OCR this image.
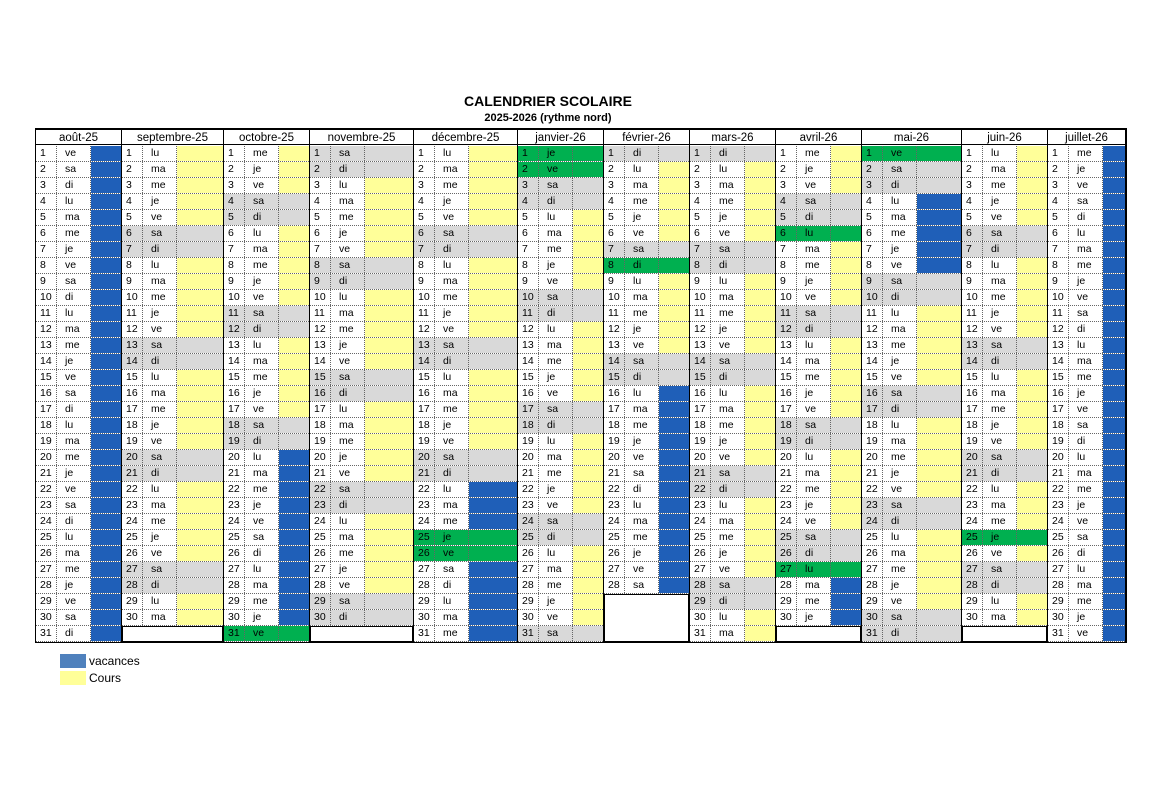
CALENDRIER SCOLAIRE
2025-2026 (rythme nord)
août-25
1	ve
2	sa
3	di
4	lu
5	ma
6	me
7	je
8	ve
9	sa
10	di
11	lu
12	ma
13	me
14	je
15	ve
16	sa
17	di
18	lu
19	ma
20	me
21	je
22	ve
23	sa
24	di
25	lu
26	ma
27	me
28	je
29	ve
30	sa
31	di
septembre-25
1	lu
2	ma
3	me
4	je
5	ve
6	sa
7	di
8	lu
9	ma
10	me
11	je
12	ve
13	sa
14	di
15	lu
16	ma
17	me
18	je
19	ve
20	sa
21	di
22	lu
23	ma
24	me
25	je
26	ve
27	sa
28	di
29	lu
30	ma
octobre-25
1	me
2	je
3	ve
4	sa
5	di
6	lu
7	ma
8	me
9	je
10	ve
11	sa
12	di
13	lu
14	ma
15	me
16	je
17	ve
18	sa
19	di
20	lu
21	ma
22	me
23	je
24	ve
25	sa
26	di
27	lu
28	ma
29	me
30	je
31	ve
novembre-25
1	sa
2	di
3	lu
4	ma
5	me
6	je
7	ve
8	sa
9	di
10	lu
11	ma
12	me
13	je
14	ve
15	sa
16	di
17	lu
18	ma
19	me
20	je
21	ve
22	sa
23	di
24	lu
25	ma
26	me
27	je
28	ve
29	sa
30	di
décembre-25
1	lu
2	ma
3	me
4	je
5	ve
6	sa
7	di
8	lu
9	ma
10	me
11	je
12	ve
13	sa
14	di
15	lu
16	ma
17	me
18	je
19	ve
20	sa
21	di
22	lu
23	ma
24	me
25	je
26	ve
27	sa
28	di
29	lu
30	ma
31	me
janvier-26
1	je
2	ve
3	sa
4	di
5	lu
6	ma
7	me
8	je
9	ve
10	sa
11	di
12	lu
13	ma
14	me
15	je
16	ve
17	sa
18	di
19	lu
20	ma
21	me
22	je
23	ve
24	sa
25	di
26	lu
27	ma
28	me
29	je
30	ve
31	sa
février-26
1	di
2	lu
3	ma
4	me
5	je
6	ve
7	sa
8	di
9	lu
10	ma
11	me
12	je
13	ve
14	sa
15	di
16	lu
17	ma
18	me
19	je
20	ve
21	sa
22	di
23	lu
24	ma
25	me
26	je
27	ve
28	sa
mars-26
1	di
2	lu
3	ma
4	me
5	je
6	ve
7	sa
8	di
9	lu
10	ma
11	me
12	je
13	ve
14	sa
15	di
16	lu
17	ma
18	me
19	je
20	ve
21	sa
22	di
23	lu
24	ma
25	me
26	je
27	ve
28	sa
29	di
30	lu
31	ma
avril-26
1	me
2	je
3	ve
4	sa
5	di
6	lu
7	ma
8	me
9	je
10	ve
11	sa
12	di
13	lu
14	ma
15	me
16	je
17	ve
18	sa
19	di
20	lu
21	ma
22	me
23	je
24	ve
25	sa
26	di
27	lu
28	ma
29	me
30	je
mai-26
1	ve
2	sa
3	di
4	lu
5	ma
6	me
7	je
8	ve
9	sa
10	di
11	lu
12	ma
13	me
14	je
15	ve
16	sa
17	di
18	lu
19	ma
20	me
21	je
22	ve
23	sa
24	di
25	lu
26	ma
27	me
28	je
29	ve
30	sa
31	di
juin-26
1	lu
2	ma
3	me
4	je
5	ve
6	sa
7	di
8	lu
9	ma
10	me
11	je
12	ve
13	sa
14	di
15	lu
16	ma
17	me
18	je
19	ve
20	sa
21	di
22	lu
23	ma
24	me
25	je
26	ve
27	sa
28	di
29	lu
30	ma
juillet-26
1	me
2	je
3	ve
4	sa
5	di
6	lu
7	ma
8	me
9	je
10	ve
11	sa
12	di
13	lu
14	ma
15	me
16	je
17	ve
18	sa
19	di
20	lu
21	ma
22	me
23	je
24	ve
25	sa
26	di
27	lu
28	ma
29	me
30	je
31	ve
vacances
Cours
